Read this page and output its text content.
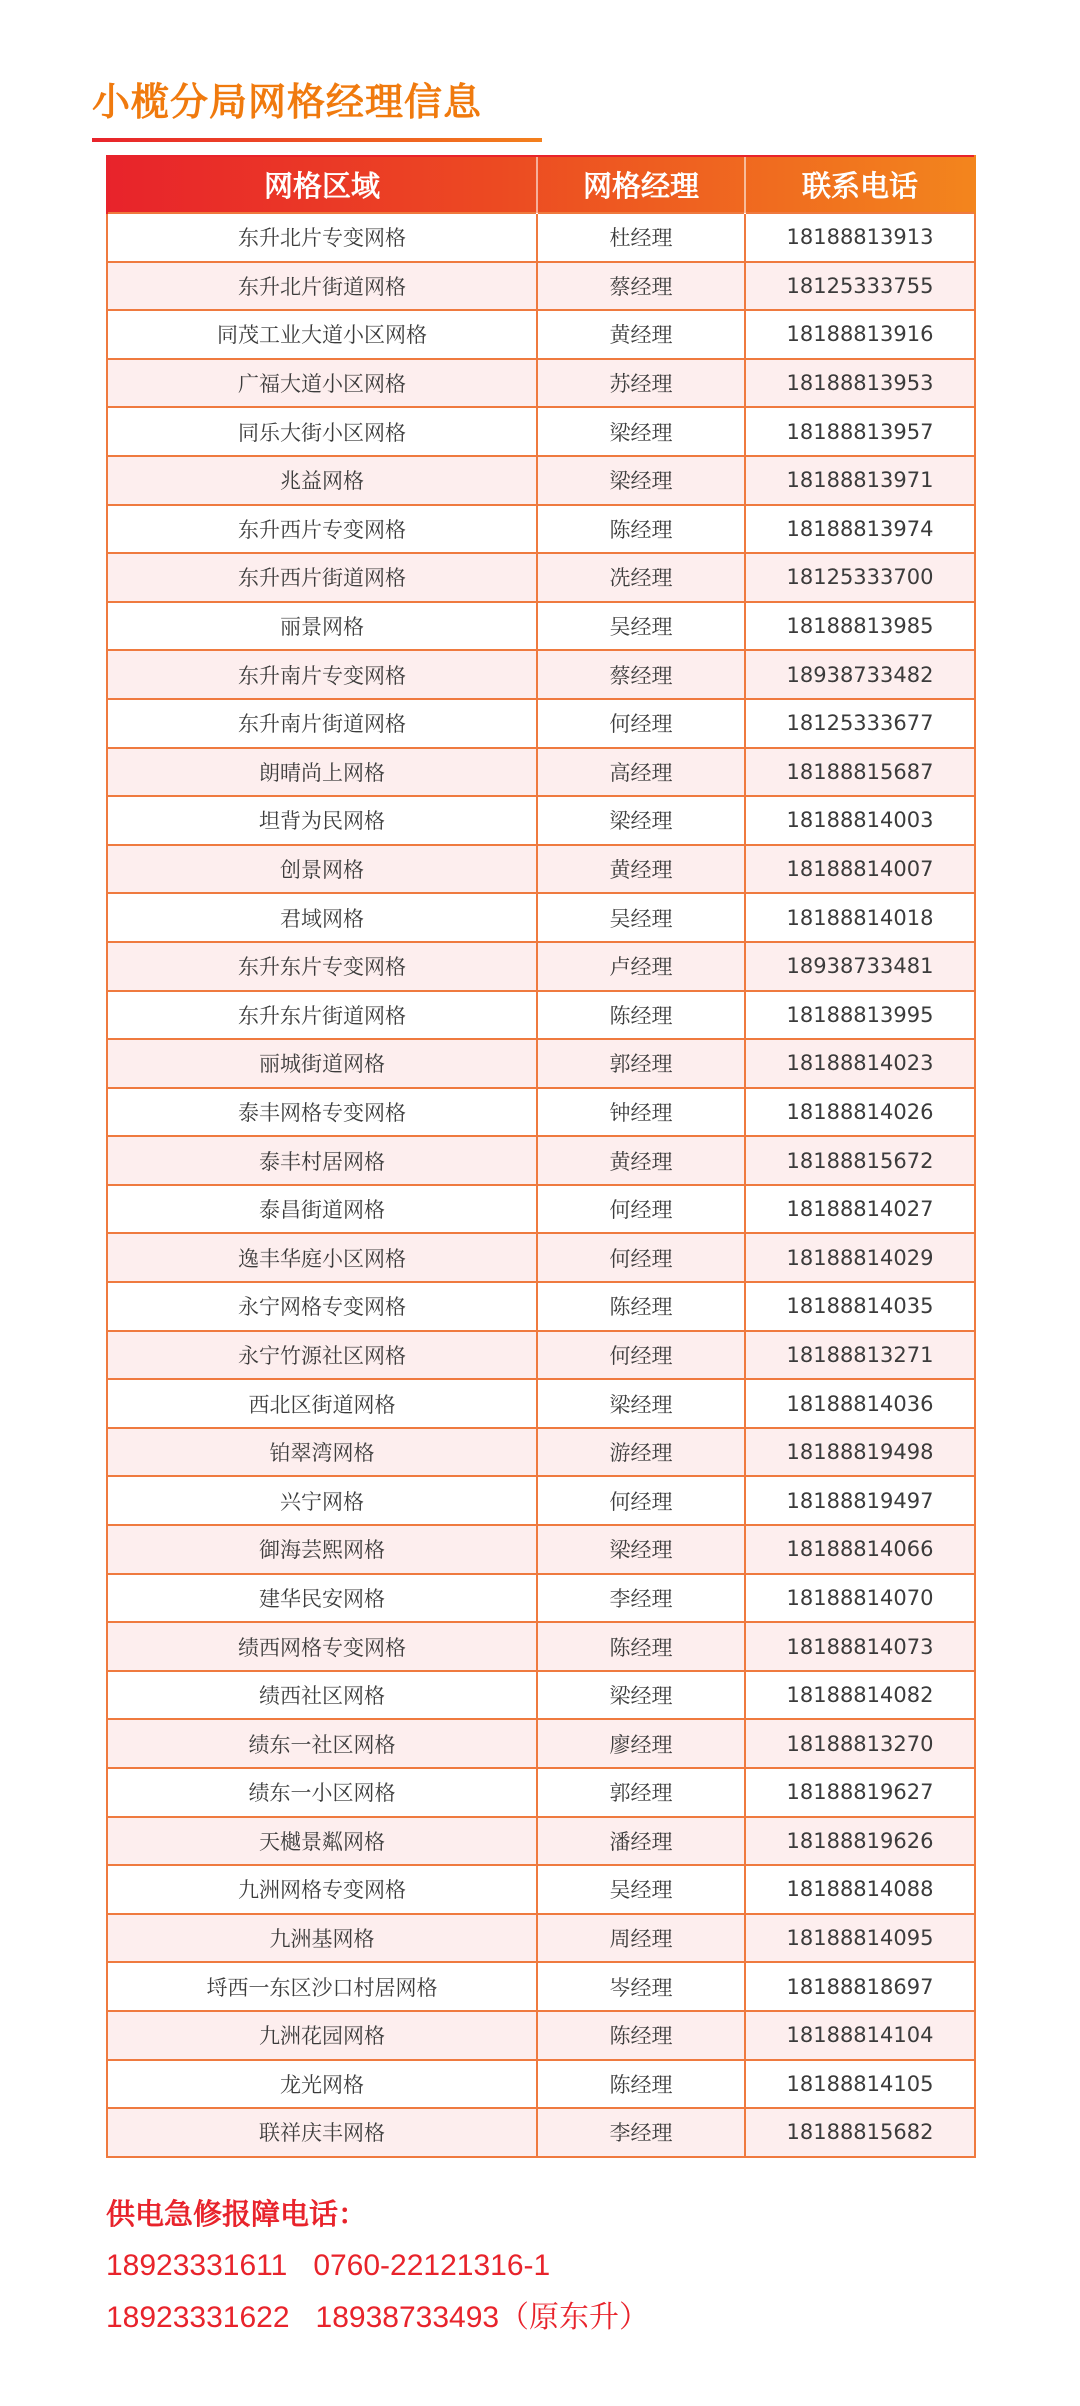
小榄分局网格经理信息
网格区域	网格经理	联系电话
东升北片专变网格	杜经理	18188813913
东升北片街道网格	蔡经理	18125333755
同茂工业大道小区网格	黄经理	18188813916
广福大道小区网格	苏经理	18188813953
同乐大街小区网格	梁经理	18188813957
兆益网格	梁经理	18188813971
东升西片专变网格	陈经理	18188813974
东升西片街道网格	冼经理	18125333700
丽景网格	吴经理	18188813985
东升南片专变网格	蔡经理	18938733482
东升南片街道网格	何经理	18125333677
朗晴尚上网格	高经理	18188815687
坦背为民网格	梁经理	18188814003
创景网格	黄经理	18188814007
君域网格	吴经理	18188814018
东升东片专变网格	卢经理	18938733481
东升东片街道网格	陈经理	18188813995
丽城街道网格	郭经理	18188814023
泰丰网格专变网格	钟经理	18188814026
泰丰村居网格	黄经理	18188815672
泰昌街道网格	何经理	18188814027
逸丰华庭小区网格	何经理	18188814029
永宁网格专变网格	陈经理	18188814035
永宁竹源社区网格	何经理	18188813271
西北区街道网格	梁经理	18188814036
铂翠湾网格	游经理	18188819498
兴宁网格	何经理	18188819497
御海芸熙网格	梁经理	18188814066
建华民安网格	李经理	18188814070
绩西网格专变网格	陈经理	18188814073
绩西社区网格	梁经理	18188814082
绩东一社区网格	廖经理	18188813270
绩东一小区网格	郭经理	18188819627
天樾景粼网格	潘经理	18188819626
九洲网格专变网格	吴经理	18188814088
九洲基网格	周经理	18188814095
埒西一东区沙口村居网格	岑经理	18188818697
九洲花园网格	陈经理	18188814104
龙光网格	陈经理	18188814105
联祥庆丰网格	李经理	18188815682
供电急修报障电话：
18923331611 0760-22121316-1
18923331622 18938733493（原东升）
